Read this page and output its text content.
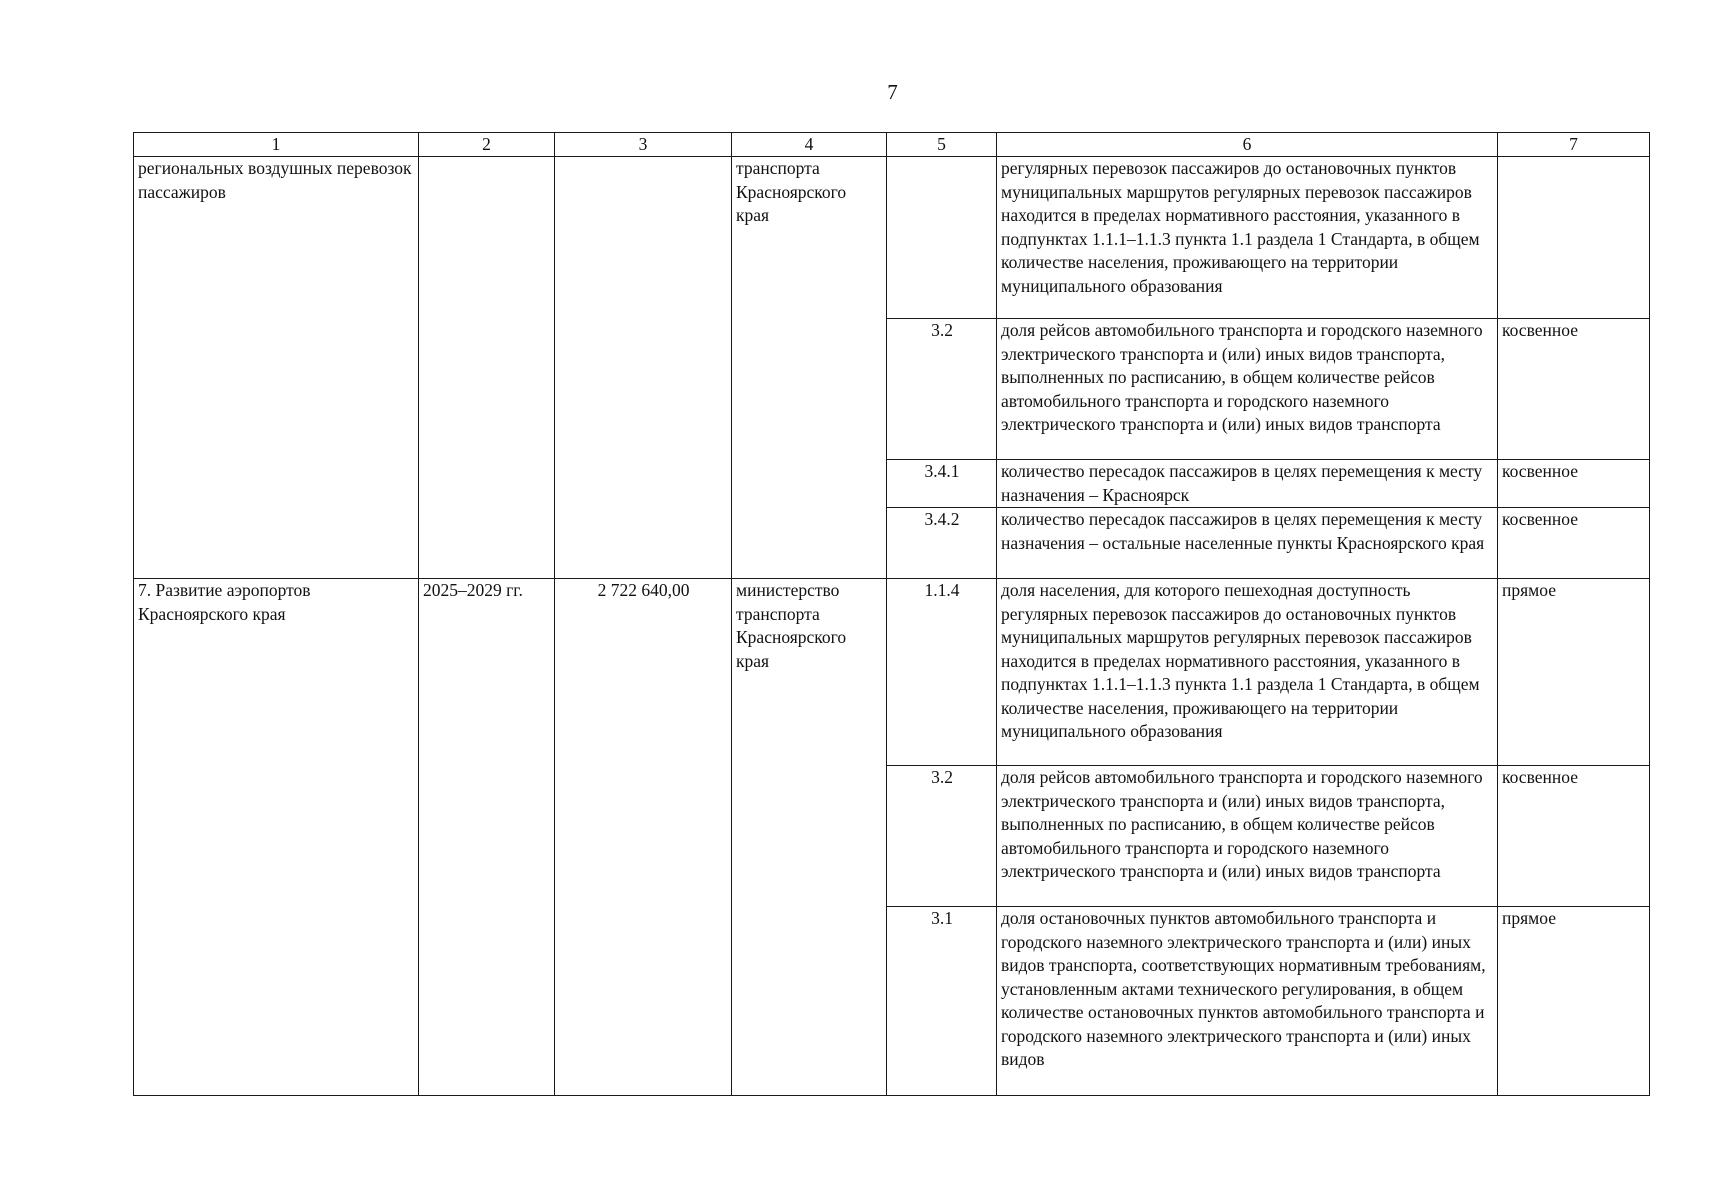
7
1	2	3	4	5	6	7
региональных воздушных перевозок пассажиров			транспорта Красноярского края		регулярных перевозок пассажиров до остановочных пунктов муниципальных маршрутов регулярных перевозок пассажиров находится в пределах нормативного расстояния, указанного в подпунктах 1.1.1–1.1.3 пункта 1.1 раздела 1 Стандарта, в общем количестве населения, проживающего на территории муниципального образования	
				3.2	доля рейсов автомобильного транспорта и городского наземного электрического транспорта и (или) иных видов транспорта, выполненных по расписанию, в общем количестве рейсов автомобильного транспорта и городского наземного электрического транспорта и (или) иных видов транспорта	косвенное
				3.4.1	количество пересадок пассажиров в целях перемещения к месту назначения – Красноярск	косвенное
				3.4.2	количество пересадок пассажиров в целях перемещения к месту назначения – остальные населенные пункты Красноярского края	косвенное
7. Развитие аэропортов Красноярского края	2025–2029 гг.	2 722 640,00	министерство транспорта Красноярского края	1.1.4	доля населения, для которого пешеходная доступность регулярных перевозок пассажиров до остановочных пунктов муниципальных маршрутов регулярных перевозок пассажиров находится в пределах нормативного расстояния, указанного в подпунктах 1.1.1–1.1.3 пункта 1.1 раздела 1 Стандарта, в общем количестве населения, проживающего на территории муниципального образования	прямое
				3.2	доля рейсов автомобильного транспорта и городского наземного электрического транспорта и (или) иных видов транспорта, выполненных по расписанию, в общем количестве рейсов автомобильного транспорта и городского наземного электрического транспорта и (или) иных видов транспорта	косвенное
				3.1	доля остановочных пунктов автомобильного транспорта и городского наземного электрического транспорта и (или) иных видов транспорта, соответствующих нормативным требованиям, установленным актами технического регулирования, в общем количестве остановочных пунктов автомобильного транспорта и городского наземного электрического транспорта и (или) иных видов	прямое
